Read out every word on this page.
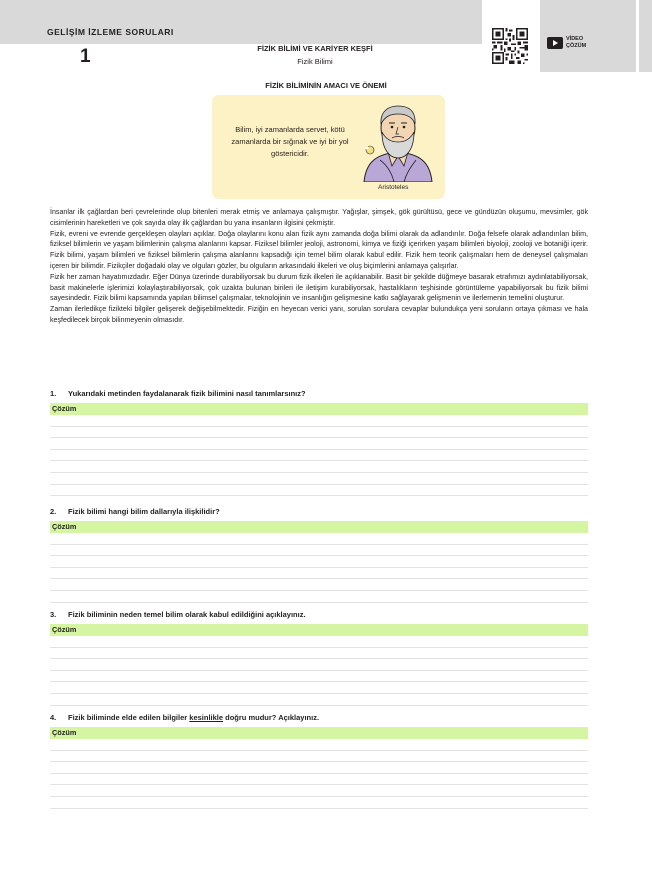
GELİŞİM İZLEME SORULARI
1	FİZİK BİLİMİ VE KARİYER KEŞFİ
Fizik Bilimi
VİDEO
ÇÖZÜM
FİZİK BİLİMİNİN AMACI VE ÖNEMİ
Bilim, iyi zamanlarda servet, kötü zamanlarda bir sığınak ve iyi bir yol göstericidir.
Aristoteles

İnsanlar ilk çağlardan beri çevrelerinde olup bitenleri merak etmiş ve anlamaya çalışmıştır. Yağışlar, şimşek, gök gürültüsü, gece ve gündüzün oluşumu, mevsimler, gök cisimlerinin hareketleri ve çok sayıda olay ilk çağlardan bu yana insanların ilgisini çekmiştir.

Fizik, evreni ve evrende gerçekleşen olayları açıklar. Doğa olaylarını konu alan fizik aynı zamanda doğa bilimi olarak da adlandırılır. Doğa felsefe olarak adlandırılan bilim, fiziksel bilimlerin ve yaşam bilimlerinin çalışma alanlarını kapsar. Fiziksel bilimler jeoloji, astronomi, kimya ve fiziği içerirken yaşam bilimleri biyoloji, zooloji ve botaniği içerir. Fizik bilimi, yaşam bilimleri ve fiziksel bilimlerin çalışma alanlarını kapsadığı için temel bilim olarak kabul edilir. Fizik hem teorik çalışmaları hem de deneysel çalışmaları içeren bir bilimdir. Fizikçiler doğadaki olay ve olguları gözler, bu olguların arkasındaki ilkeleri ve oluş biçimlerini anlamaya çalışırlar.

Fizik her zaman hayatımızdadır. Eğer Dünya üzerinde durabiliyorsak bu durum fizik ilkeleri ile açıklanabilir. Basit bir şekilde düğmeye basarak etrafımızı aydınlatabiliyorsak, basit makinelerle işlerimizi kolaylaştırabiliyorsak, çok uzakta bulunan birileri ile iletişim kurabiliyorsak, hastalıkların teşhisinde görüntüleme yapabiliyorsak bu fizik bilimi sayesindedir. Fizik bilimi kapsamında yapılan bilimsel çalışmalar, teknolojinin ve insanlığın gelişmesine katkı sağlayarak gelişmenin ve ilerlemenin temelini oluşturur.

Zaman ilerledikçe fizikteki bilgiler gelişerek değişebilmektedir. Fiziğin en heyecan verici yanı, sorulan sorulara cevaplar bulundukça yeni soruların ortaya çıkması ve hala keşfedilecek birçok bilinmeyenin olmasıdır.

1. Yukarıdaki metinden faydalanarak fizik bilimini nasıl tanımlarsınız?
Çözüm
2. Fizik bilimi hangi bilim dallarıyla ilişkilidir?
Çözüm
3. Fizik biliminin neden temel bilim olarak kabul edildiğini açıklayınız.
Çözüm
4. Fizik biliminde elde edilen bilgiler kesinlikle doğru mudur? Açıklayınız.
Çözüm
